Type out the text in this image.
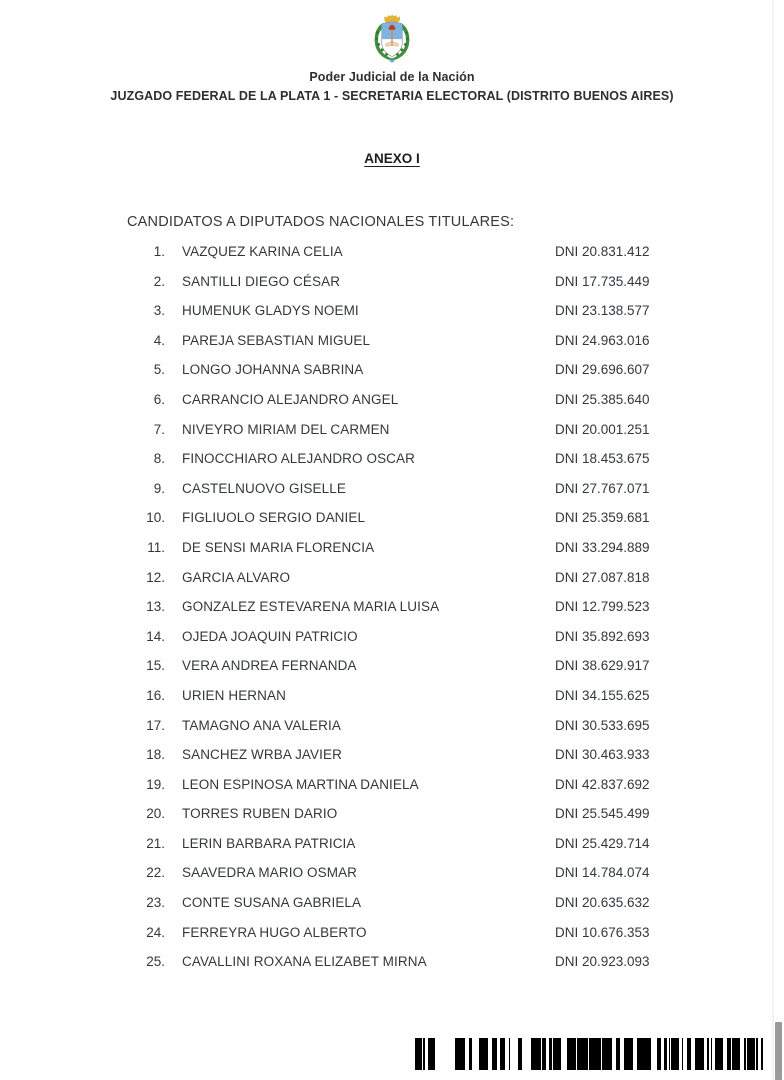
Poder Judicial de la Nación
JUZGADO FEDERAL DE LA PLATA 1 - SECRETARIA ELECTORAL (DISTRITO BUENOS AIRES)
ANEXO I
CANDIDATOS A DIPUTADOS NACIONALES TITULARES:
1.	VAZQUEZ KARINA CELIA	DNI 20.831.412
2.	SANTILLI DIEGO CÉSAR	DNI 17.735.449
3.	HUMENUK GLADYS NOEMI	DNI 23.138.577
4.	PAREJA SEBASTIAN MIGUEL	DNI 24.963.016
5.	LONGO JOHANNA SABRINA	DNI 29.696.607
6.	CARRANCIO ALEJANDRO ANGEL	DNI 25.385.640
7.	NIVEYRO MIRIAM DEL CARMEN	DNI 20.001.251
8.	FINOCCHIARO ALEJANDRO OSCAR	DNI 18.453.675
9.	CASTELNUOVO GISELLE	DNI 27.767.071
10.	FIGLIUOLO SERGIO DANIEL	DNI 25.359.681
11.	DE SENSI MARIA FLORENCIA	DNI 33.294.889
12.	GARCIA ALVARO	DNI 27.087.818
13.	GONZALEZ ESTEVARENA MARIA LUISA	DNI 12.799.523
14.	OJEDA JOAQUIN PATRICIO	DNI 35.892.693
15.	VERA ANDREA FERNANDA	DNI 38.629.917
16.	URIEN HERNAN	DNI 34.155.625
17.	TAMAGNO ANA VALERIA	DNI 30.533.695
18.	SANCHEZ WRBA JAVIER	DNI 30.463.933
19.	LEON ESPINOSA MARTINA DANIELA	DNI 42.837.692
20.	TORRES RUBEN DARIO	DNI 25.545.499
21.	LERIN BARBARA PATRICIA	DNI 25.429.714
22.	SAAVEDRA MARIO OSMAR	DNI 14.784.074
23.	CONTE SUSANA GABRIELA	DNI 20.635.632
24.	FERREYRA HUGO ALBERTO	DNI 10.676.353
25.	CAVALLINI ROXANA ELIZABET MIRNA	DNI 20.923.093
